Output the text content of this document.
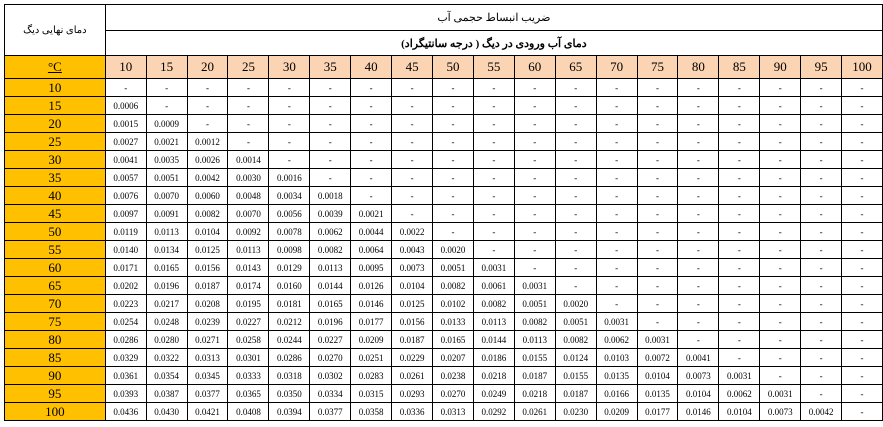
دمای نهایی دیگ	ضریب انبساط حجمی آب																		
	دمای آب ورودی در دیگ ( درجه سانتیگراد)																		
°C	10	15	20	25	30	35	40	45	50	55	60	65	70	75	80	85	90	95	100
10	-	-	-	-	-	-	-	-	-	-	-	-	-	-	-	-	-	-	-
15	0.0006	-	-	-	-	-	-	-	-	-	-	-	-	-	-	-	-	-	-
20	0.0015	0.0009	-	-	-	-	-	-	-	-	-	-	-	-	-	-	-	-	-
25	0.0027	0.0021	0.0012	-	-	-	-	-	-	-	-	-	-	-	-	-	-	-	-
30	0.0041	0.0035	0.0026	0.0014	-	-	-	-	-	-	-	-	-	-	-	-	-	-	-
35	0.0057	0.0051	0.0042	0.0030	0.0016	-	-	-	-	-	-	-	-	-	-	-	-	-	-
40	0.0076	0.0070	0.0060	0.0048	0.0034	0.0018	-	-	-	-	-	-	-	-	-	-	-	-	-
45	0.0097	0.0091	0.0082	0.0070	0.0056	0.0039	0.0021	-	-	-	-	-	-	-	-	-	-	-	-
50	0.0119	0.0113	0.0104	0.0092	0.0078	0.0062	0.0044	0.0022	-	-	-	-	-	-	-	-	-	-	-
55	0.0140	0.0134	0.0125	0.0113	0.0098	0.0082	0.0064	0.0043	0.0020	-	-	-	-	-	-	-	-	-	-
60	0.0171	0.0165	0.0156	0.0143	0.0129	0.0113	0.0095	0.0073	0.0051	0.0031	-	-	-	-	-	-	-	-	-
65	0.0202	0.0196	0.0187	0.0174	0.0160	0.0144	0.0126	0.0104	0.0082	0.0061	0.0031	-	-	-	-	-	-	-	-
70	0.0223	0.0217	0.0208	0.0195	0.0181	0.0165	0.0146	0.0125	0.0102	0.0082	0.0051	0.0020	-	-	-	-	-	-	-
75	0.0254	0.0248	0.0239	0.0227	0.0212	0.0196	0.0177	0.0156	0.0133	0.0113	0.0082	0.0051	0.0031	-	-	-	-	-	-
80	0.0286	0.0280	0.0271	0.0258	0.0244	0.0227	0.0209	0.0187	0.0165	0.0144	0.0113	0.0082	0.0062	0.0031	-	-	-	-	-
85	0.0329	0.0322	0.0313	0.0301	0.0286	0.0270	0.0251	0.0229	0.0207	0.0186	0.0155	0.0124	0.0103	0.0072	0.0041	-	-	-	-
90	0.0361	0.0354	0.0345	0.0333	0.0318	0.0302	0.0283	0.0261	0.0238	0.0218	0.0187	0.0155	0.0135	0.0104	0.0073	0.0031	-	-	-
95	0.0393	0.0387	0.0377	0.0365	0.0350	0.0334	0.0315	0.0293	0.0270	0.0249	0.0218	0.0187	0.0166	0.0135	0.0104	0.0062	0.0031	-	-
100	0.0436	0.0430	0.0421	0.0408	0.0394	0.0377	0.0358	0.0336	0.0313	0.0292	0.0261	0.0230	0.0209	0.0177	0.0146	0.0104	0.0073	0.0042	-
